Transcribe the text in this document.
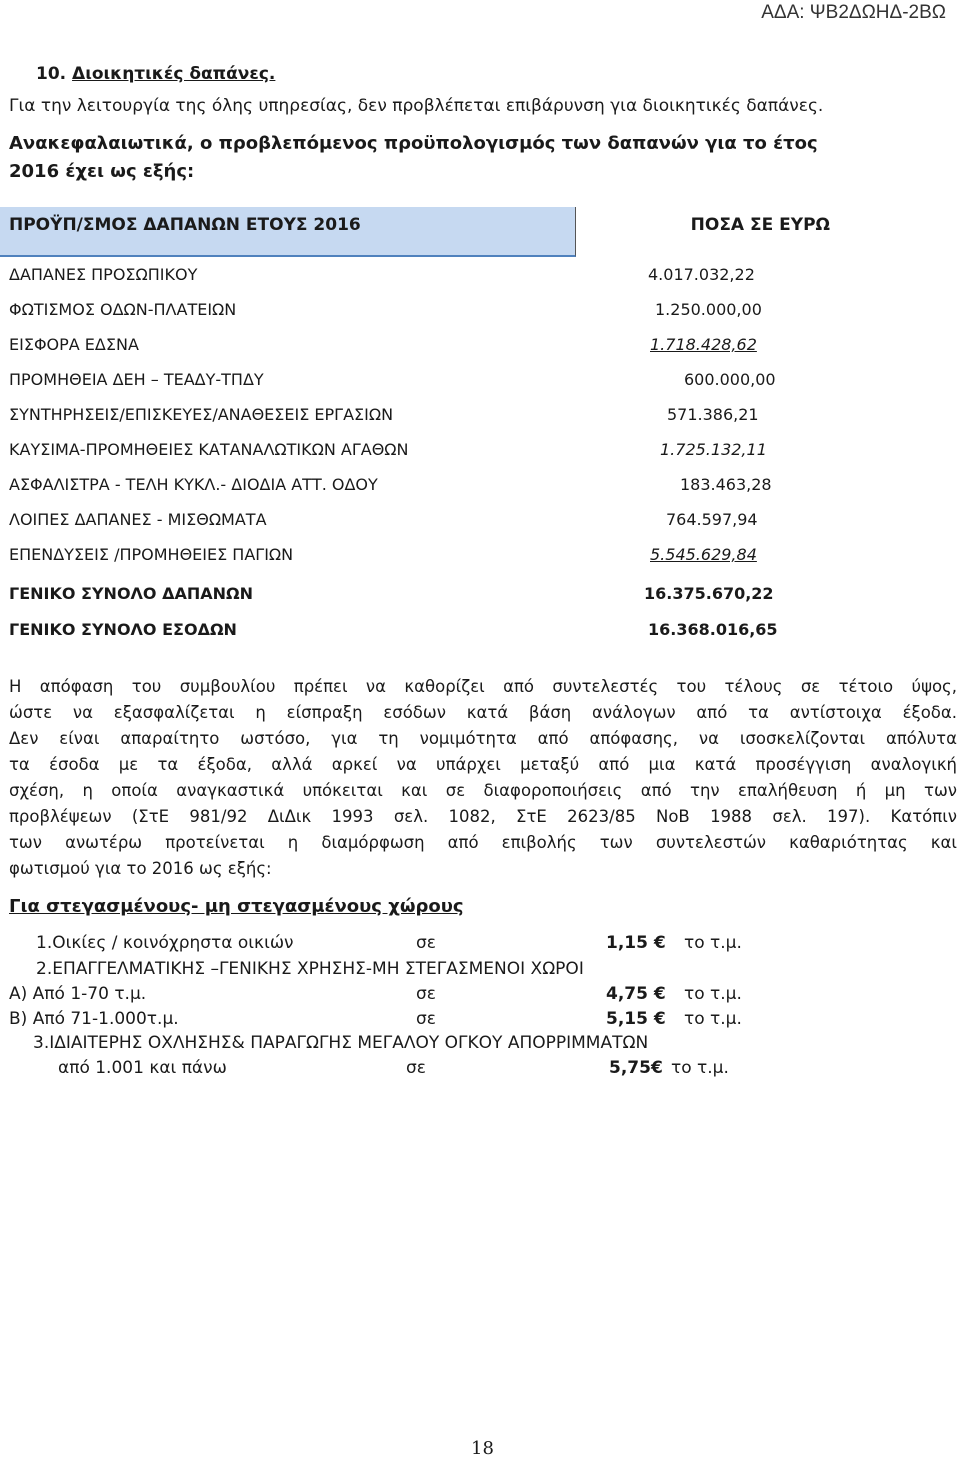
ΑΔΑ: ΨΒ2ΔΩΗΔ-2ΒΩ
10. Διοικητικές δαπάνες.
Για την λειτουργία της όλης υπηρεσίας, δεν προβλέπεται επιβάρυνση για διοικητικές δαπάνες.
Ανακεφαλαιωτικά, ο προβλεπόμενος προϋπολογισμός των δαπανών για το έτος
2016 έχει ως εξής:
ΠΡΟΫΠ/ΣΜΟΣ ΔΑΠΑΝΩΝ ΕΤΟΥΣ 2016	ΠΟΣΑ ΣΕ ΕΥΡΩ
ΔΑΠΑΝΕΣ ΠΡΟΣΩΠΙΚΟΥ	4.017.032,22
ΦΩΤΙΣΜΟΣ ΟΔΩΝ-ΠΛΑΤΕΙΩΝ	1.250.000,00
ΕΙΣΦΟΡΑ ΕΔΣΝΑ	1.718.428,62
ΠΡΟΜΗΘΕΙΑ ΔΕΗ – ΤΕΑΔΥ-ΤΠΔΥ	600.000,00
ΣΥΝΤΗΡΗΣΕΙΣ/ΕΠΙΣΚΕΥΕΣ/ΑΝΑΘΕΣΕΙΣ ΕΡΓΑΣΙΩΝ	571.386,21
ΚΑΥΣΙΜΑ-ΠΡΟΜΗΘΕΙΕΣ ΚΑΤΑΝΑΛΩΤΙΚΩΝ ΑΓΑΘΩΝ	1.725.132,11
ΑΣΦΑΛΙΣΤΡΑ - ΤΕΛΗ ΚΥΚΛ.- ΔΙΟΔΙΑ ΑΤΤ. ΟΔΟΥ	183.463,28
ΛΟΙΠΕΣ ΔΑΠΑΝΕΣ - ΜΙΣΘΩΜΑΤΑ	764.597,94
ΕΠΕΝΔΥΣΕΙΣ /ΠΡΟΜΗΘΕΙΕΣ ΠΑΓΙΩΝ	5.545.629,84
ΓΕΝΙΚΟ ΣΥΝΟΛΟ ΔΑΠΑΝΩΝ	16.375.670,22
ΓΕΝΙΚΟ ΣΥΝΟΛΟ ΕΣΟΔΩΝ	16.368.016,65
Η απόφαση του συμβουλίου πρέπει να καθορίζει από συντελεστές του τέλους σε τέτοιο ύψος,
ώστε να εξασφαλίζεται η είσπραξη εσόδων κατά βάση ανάλογων από τα αντίστοιχα έξοδα.
Δεν είναι απαραίτητο ωστόσο, για τη νομιμότητα από απόφασης, να ισοσκελίζονται απόλυτα
τα έσοδα με τα έξοδα, αλλά αρκεί να υπάρχει μεταξύ από μια κατά προσέγγιση αναλογική
σχέση, η οποία αναγκαστικά υπόκειται και σε διαφοροποιήσεις από την επαλήθευση ή μη των
προβλέψεων (ΣτΕ 981/92 ΔιΔικ 1993 σελ. 1082, ΣτΕ 2623/85 ΝοΒ 1988 σελ. 197). Κατόπιν
των ανωτέρω προτείνεται η διαμόρφωση από επιβολής των συντελεστών καθαριότητας και
φωτισμού για το 2016 ως εξής:
Για στεγασμένους- μη στεγασμένους χώρους
1.Οικίες / κοινόχρηστα οικιών	σε	1,15 € το τ.μ.
2.ΕΠΑΓΓΕΛΜΑΤΙΚΗΣ –ΓΕΝΙΚΗΣ ΧΡΗΣΗΣ-ΜΗ ΣΤΕΓΑΣΜΕΝΟΙ ΧΩΡΟΙ
Α) Από 1-70 τ.μ.	σε	4,75 € το τ.μ.
Β) Από 71-1.000τ.μ.	σε	5,15 € το τ.μ.
3.ΙΔΙΑΙΤΕΡΗΣ ΟΧΛΗΣΗΣ& ΠΑΡΑΓΩΓΗΣ ΜΕΓΑΛΟΥ ΟΓΚΟΥ ΑΠΟΡΡΙΜΜΑΤΩΝ
από 1.001 και πάνω	σε	5,75€ το τ.μ.
18
